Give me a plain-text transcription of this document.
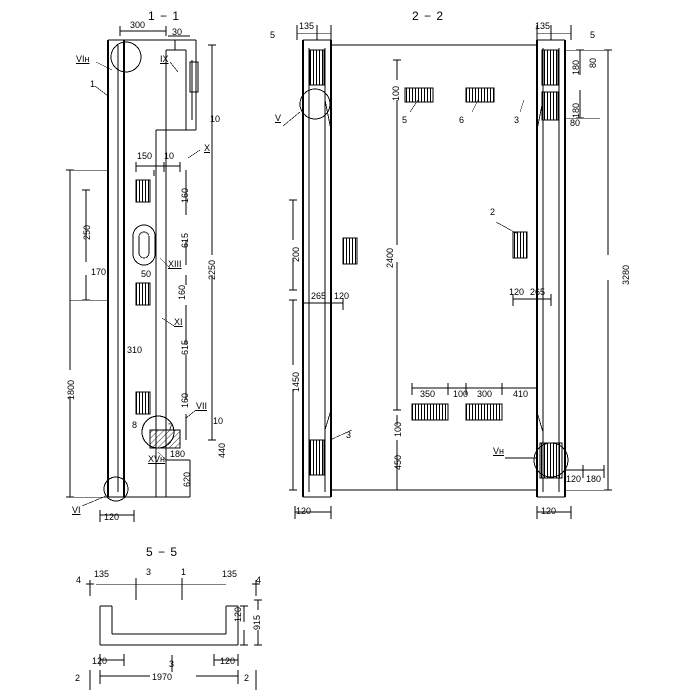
1 − 1	2 − 2
5 − 5
300
30
VIн	IX
X
XIII
XI
VII
XVн
VI
1
8	7
150 10
10
160
615
250
170	50
160
310	615
2250
1800
160
10
440
180
620
120
5
135	135
5
V
Vн
5	6	3
2
3
100
180 80
180
80
3280
200	2400
265 120	120 265
1450
350 100 300 410
100
450
120 180
120	120
4
135	3	1	135
4
2	2
120
915
120	3	120
1970
